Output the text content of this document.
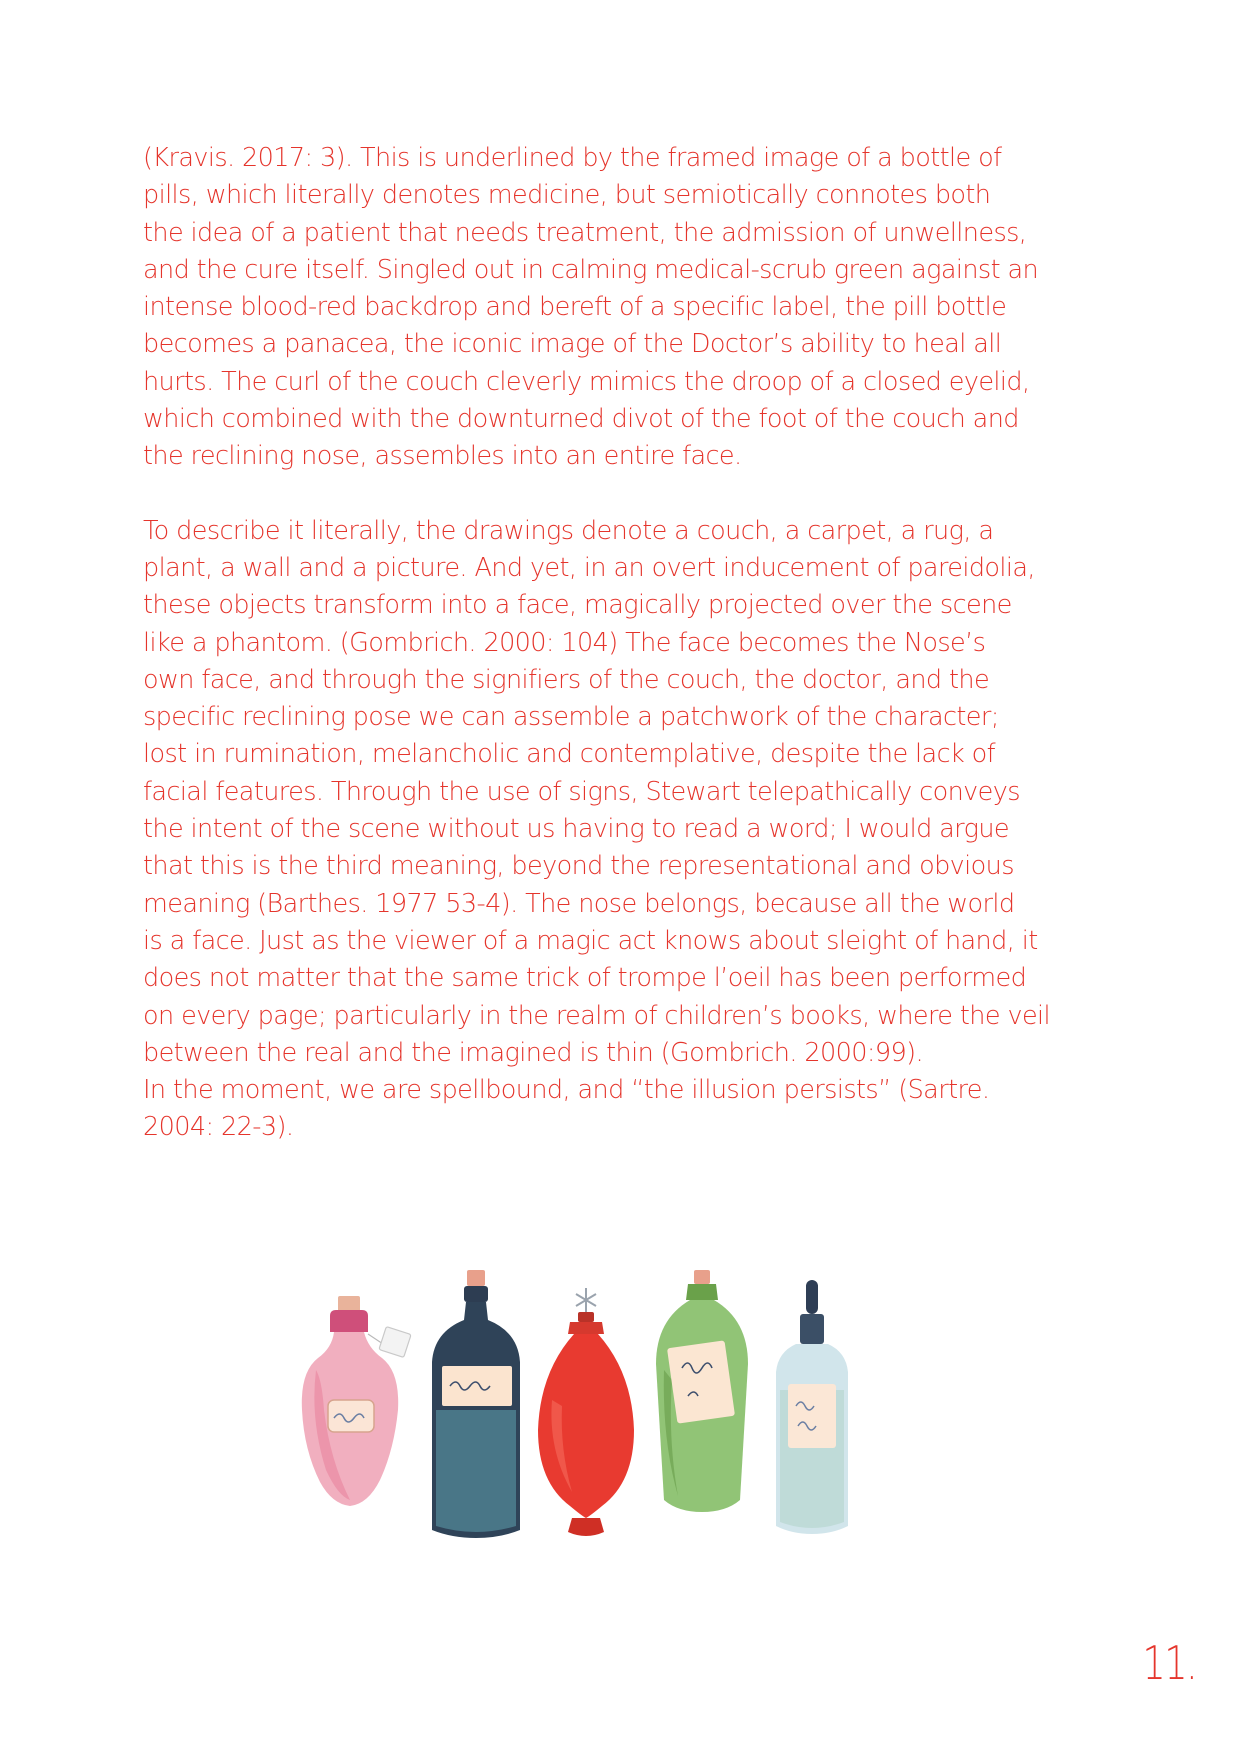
(Kravis. 2017: 3). This is underlined by the framed image of a bottle of
pills, which literally denotes medicine, but semiotically connotes both
the idea of a patient that needs treatment, the admission of unwellness,
and the cure itself. Singled out in calming medical-scrub green against an
intense blood-red backdrop and bereft of a specific label, the pill bottle
becomes a panacea, the iconic image of the Doctor’s ability to heal all
hurts. The curl of the couch cleverly mimics the droop of a closed eyelid,
which combined with the downturned divot of the foot of the couch and
the reclining nose, assembles into an entire face.

To describe it literally, the drawings denote a couch, a carpet, a rug, a
plant, a wall and a picture. And yet, in an overt inducement of pareidolia,
these objects transform into a face, magically projected over the scene
like a phantom. (Gombrich. 2000: 104) The face becomes the Nose’s
own face, and through the signifiers of the couch, the doctor, and the
specific reclining pose we can assemble a patchwork of the character;
lost in rumination, melancholic and contemplative, despite the lack of
facial features. Through the use of signs, Stewart telepathically conveys
the intent of the scene without us having to read a word; I would argue
that this is the third meaning, beyond the representational and obvious
meaning (Barthes. 1977 53-4). The nose belongs, because all the world
is a face. Just as the viewer of a magic act knows about sleight of hand, it
does not matter that the same trick of trompe l’oeil has been performed
on every page; particularly in the realm of children’s books, where the veil
between the real and the imagined is thin (Gombrich. 2000:99).
In the moment, we are spellbound, and “the illusion persists” (Sartre.
2004: 22-3).

11.
